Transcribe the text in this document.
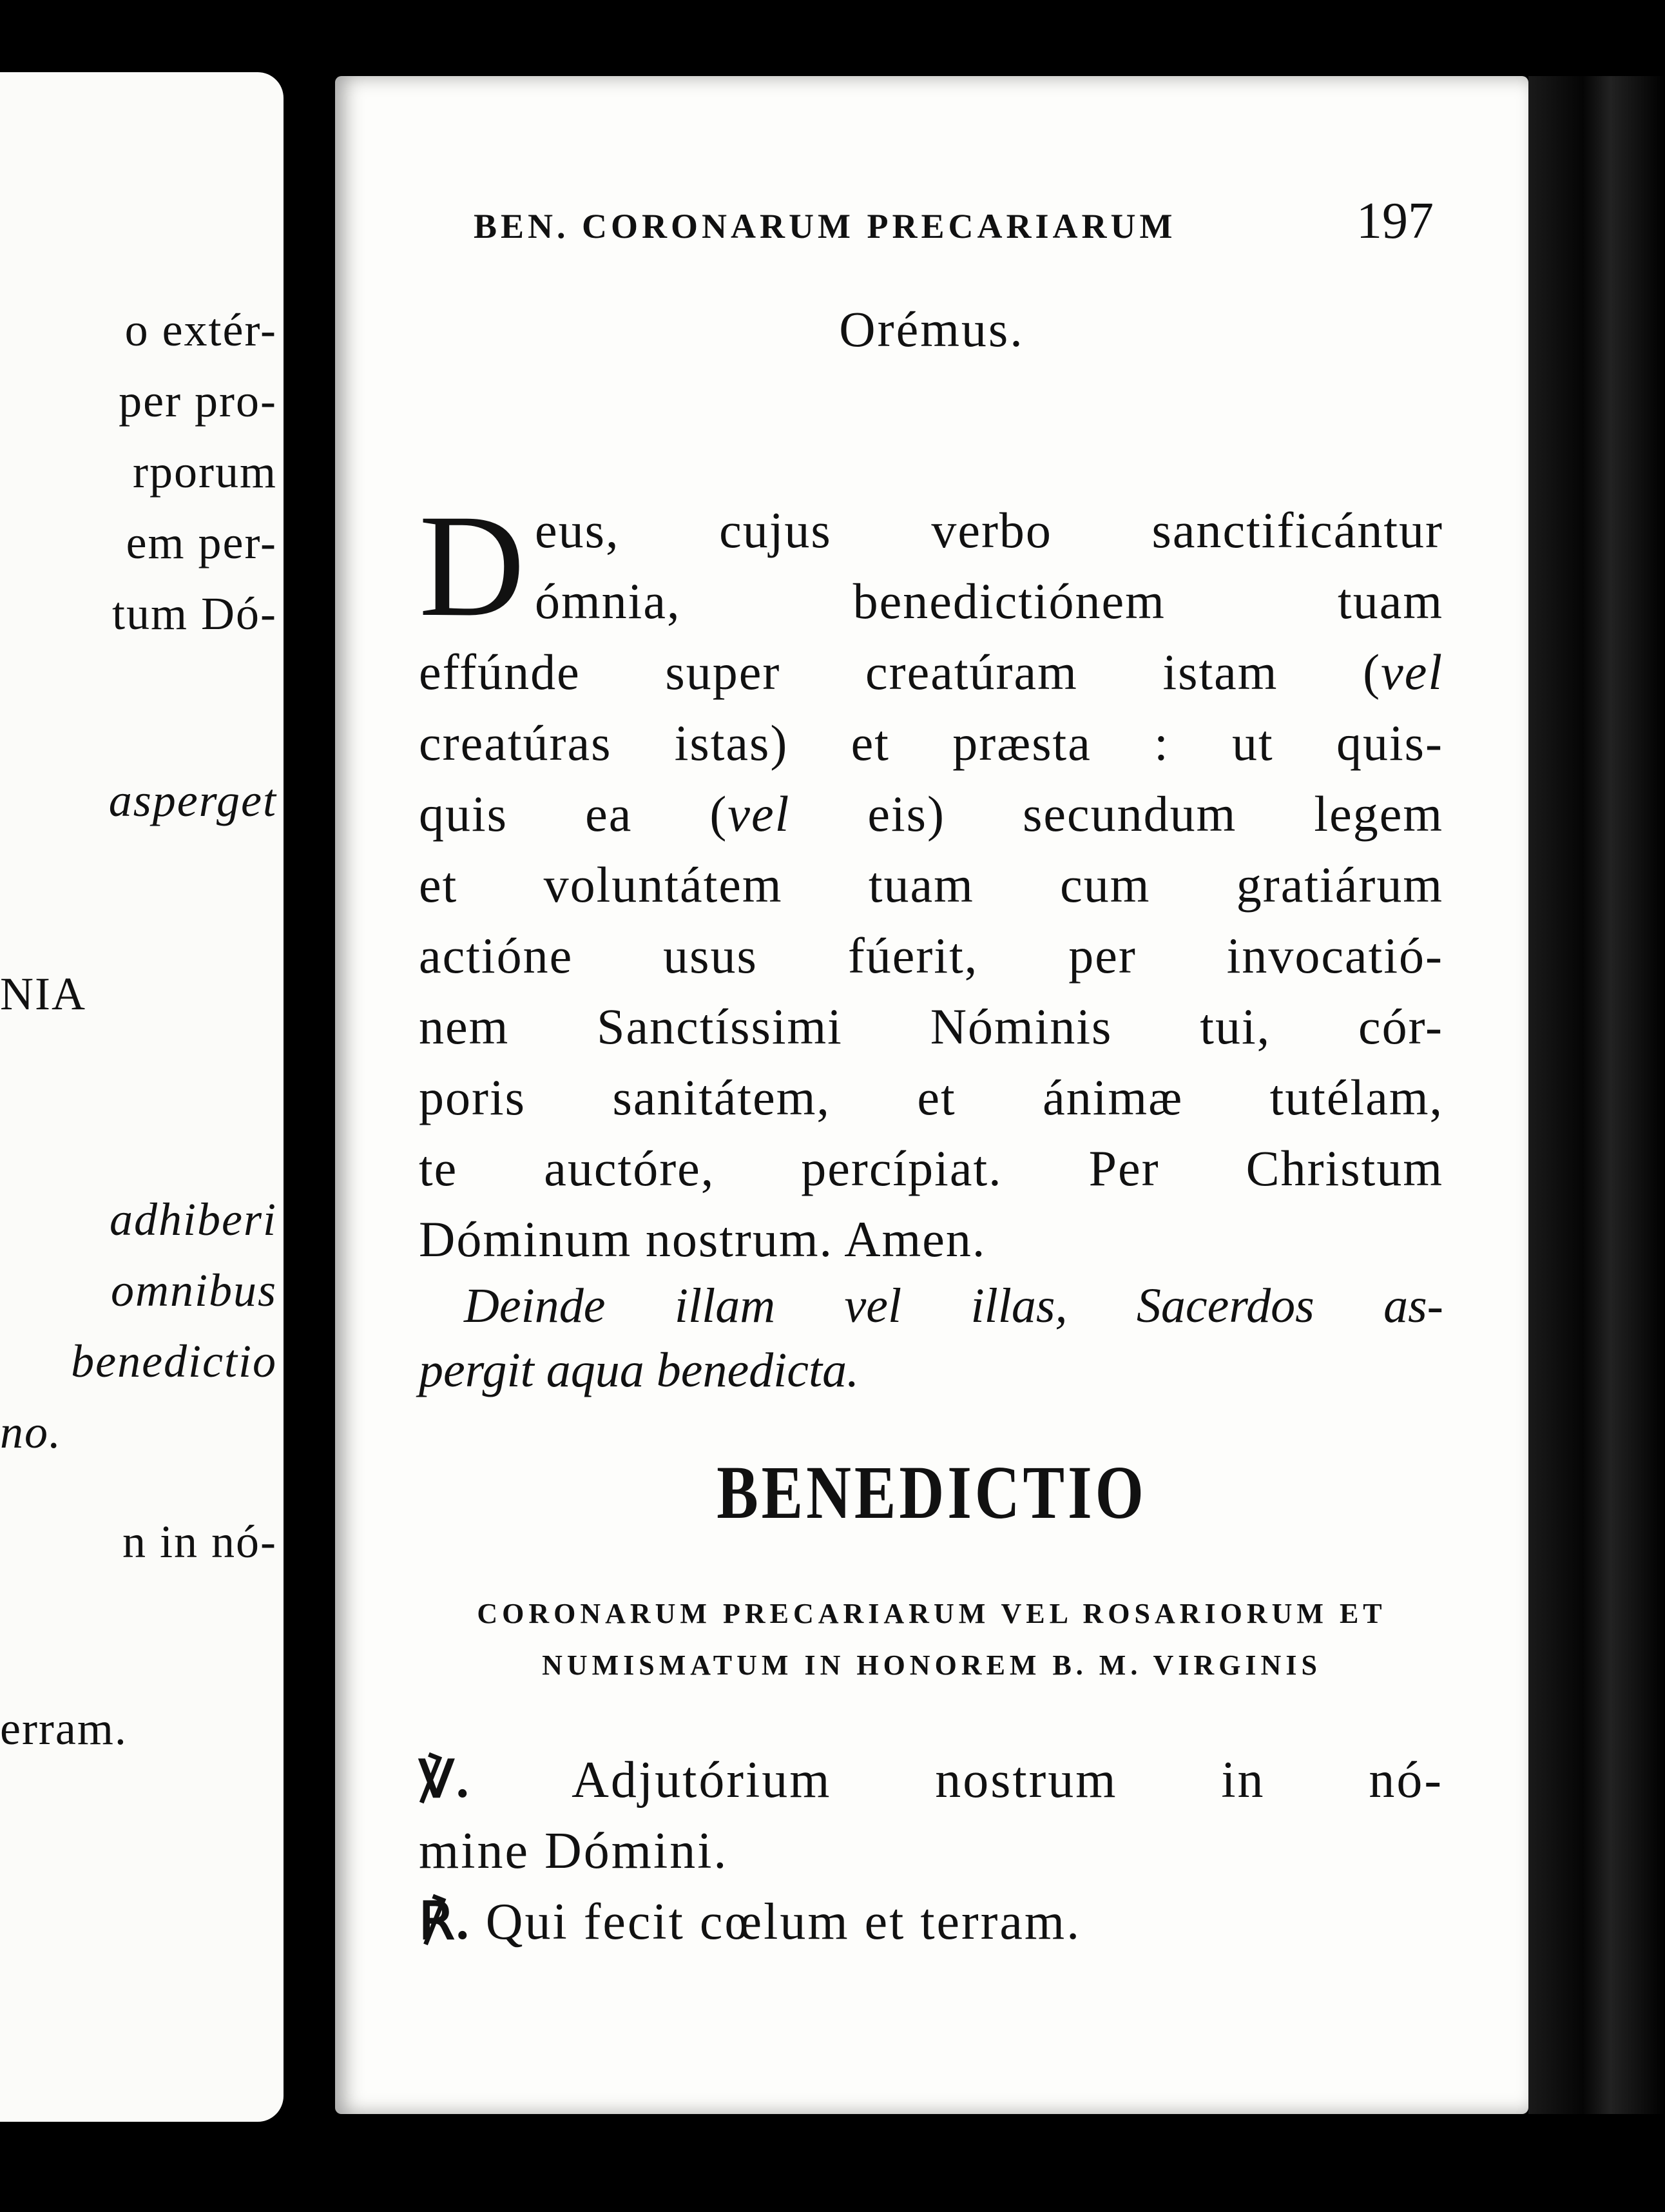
o extér-
per pro-
rporum
em per-
tum Dó-
asperget
NIA
adhiberi
omnibus
benedictio
no.
n in nó-
erram.
BEN. CORONARUM PRECARIARUM	197
Orémus.
D eus, cujus verbo sanctificántur
ómnia, benedictiónem tuam
effúnde super creatúram istam (vel
creatúras istas) et præsta : ut quis-
quis ea (vel eis) secundum legem
et voluntátem tuam cum gratiárum
actióne usus fúerit, per invocatió-
nem Sanctíssimi Nóminis tui, cór-
poris sanitátem, et ánimæ tutélam,
te auctóre, percípiat. Per Christum
Dóminum nostrum. Amen.
Deinde illam vel illas, Sacerdos as-
pergit aqua benedicta.
BENEDICTIO
CORONARUM PRECARIARUM VEL ROSARIORUM ET
NUMISMATUM IN HONOREM B. M. VIRGINIS
℣. Adjutórium nostrum in nó-
mine Dómini.
℟. Qui fecit cœlum et terram.
